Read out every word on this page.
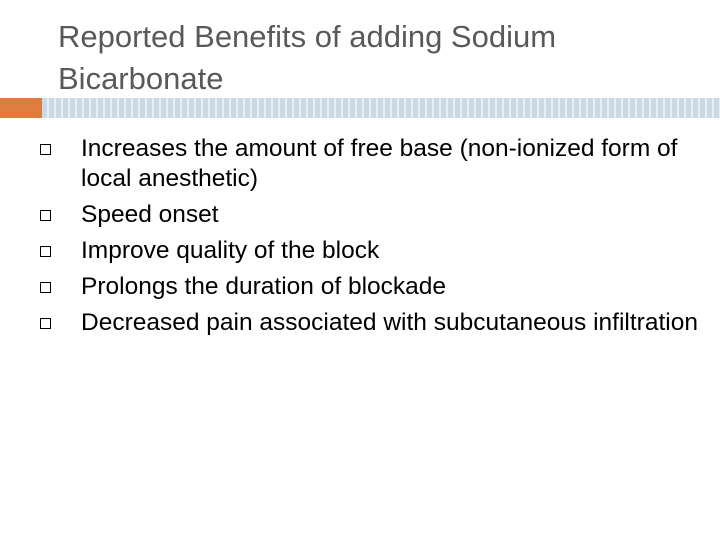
Reported Benefits of adding Sodium Bicarbonate
Increases the amount of free base (non-ionized form of local anesthetic)
Speed onset
Improve quality of the block
Prolongs the duration of blockade
Decreased pain associated with subcutaneous infiltration
